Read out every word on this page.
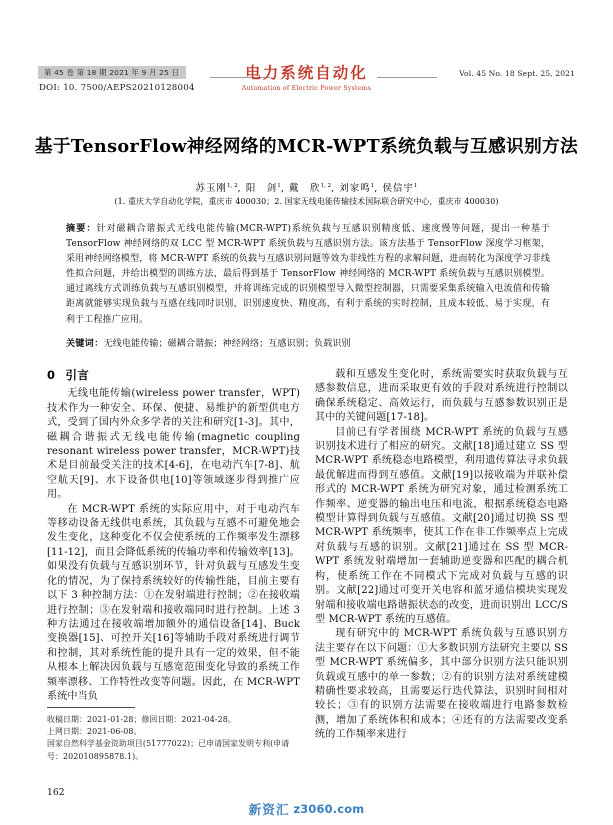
第 45 卷 第 18 期 2021 年 9 月 25 日
DOI: 10. 7500/AEPS20210128004
电力系统自动化
Automation of Electric Power Systems
Vol. 45 No. 18 Sept. 25, 2021
基于TensorFlow神经网络的MCR-WPT系统负载与互感识别方法
苏玉刚$^{1, 2}$, 阳　剑$^1$, 戴　欣$^{1, 2}$, 刘家鸣$^1$, 侯信宇$^1$
(1. 重庆大学自动化学院，重庆市 400030；2. 国家无线电能传输技术国际联合研究中心，重庆市 400030)
摘要：针对磁耦合谐振式无线电能传输(MCR-WPT)系统负载与互感识别精度低、速度慢等问题，提出一种基于 TensorFlow 神经网络的双 LCC 型 MCR-WPT 系统负载与互感识别方法。该方法基于 TensorFlow 深度学习框架，采用神经网络模型，将 MCR-WPT 系统的负载与互感识别问题等效为非线性方程的求解问题，进而转化为深度学习非线性拟合问题，并给出模型的训练方法，最后得到基于 TensorFlow 神经网络的 MCR-WPT 系统负载与互感识别模型。通过离线方式训练负载与互感识别模型，并将训练完成的识别模型导入微型控制器，只需要采集系统输入电流值和传输距离就能够实现负载与互感在线同时识别，识别速度快、精度高，有利于系统的实时控制，且成本较低、易于实现，有利于工程推广应用。
关键词：无线电能传输；磁耦合谐振；神经网络；互感识别；负载识别
0 引言

无线电能传输(wireless power transfer，WPT)技术作为一种安全、环保、便捷、易维护的新型供电方式，受到了国内外众多学者的关注和研究[1-3]。其中，磁耦合谐振式无线电能传输(magnetic coupling resonant wireless power transfer，MCR-WPT)技术是目前最受关注的技术[4-6]，在电动汽车[7-8]、航空航天[9]、水下设备供电[10]等领域逐步得到推广应用。

在 MCR-WPT 系统的实际应用中，对于电动汽车等移动设备无线供电系统，其负载与互感不可避免地会发生变化，这种变化不仅会使系统的工作频率发生漂移[11-12]，而且会降低系统的传输功率和传输效率[13]。如果没有负载与互感识别环节，针对负载与互感发生变化的情况，为了保持系统较好的传输性能，目前主要有以下 3 种控制方法：①在发射端进行控制；②在接收端进行控制；③在发射端和接收端同时进行控制。上述 3 种方法通过在接收端增加额外的通信设备[14]、Buck 变换器[15]、可控开关[16]等辅助手段对系统进行调节和控制，其对系统性能的提升具有一定的效果，但不能从根本上解决因负载与互感宽范围变化导致的系统工作频率漂移、工作特性改变等问题。因此，在 MCR-WPT 系统中当负

载和互感发生变化时，系统需要实时获取负载与互感参数信息，进而采取更有效的手段对系统进行控制以确保系统稳定、高效运行，而负载与互感参数识别正是其中的关键问题[17-18]。

目前已有学者围绕 MCR-WPT 系统的负载与互感识别技术进行了相应的研究。文献[18]通过建立 SS 型 MCR-WPT 系统稳态电路模型，利用遗传算法寻求负载最优解进而得到互感值。文献[19]以接收端为并联补偿形式的 MCR-WPT 系统为研究对象，通过检测系统工作频率、逆变器的输出电压和电流，根据系统稳态电路模型计算得到负载与互感值。文献[20]通过切换 SS 型 MCR-WPT 系统频率，使其工作在非工作频率点上完成对负载与互感的识别。文献[21]通过在 SS 型 MCR-WPT 系统发射端增加一套辅助逆变器和匹配的耦合机构，使系统工作在不同模式下完成对负载与互感的识别。文献[22]通过可变开关电容和蓝牙通信模块实现发射端和接收端电路谐振状态的改变，进而识别出 LCC/S 型 MCR-WPT 系统的互感值。

现有研究中的 MCR-WPT 系统负载与互感识别方法主要存在以下问题：①大多数识别方法研究主要以 SS 型 MCR-WPT 系统偏多，其中部分识别方法只能识别负载或互感中的单一参数；②有的识别方法对系统建模精确性要求较高，且需要运行迭代算法，识别时间相对较长；③有的识别方法需要在接收端进行电路参数检测，增加了系统体积和成本；④还有的方法需要改变系统的工作频率来进行

收稿日期：2021-01-28；修回日期：2021-04-28。
上网日期：2021-06-08。
国家自然科学基金资助项目(51777022)；已申请国家发明专利(申请号：202010895878.1)。
162
新资汇 z3060.com
